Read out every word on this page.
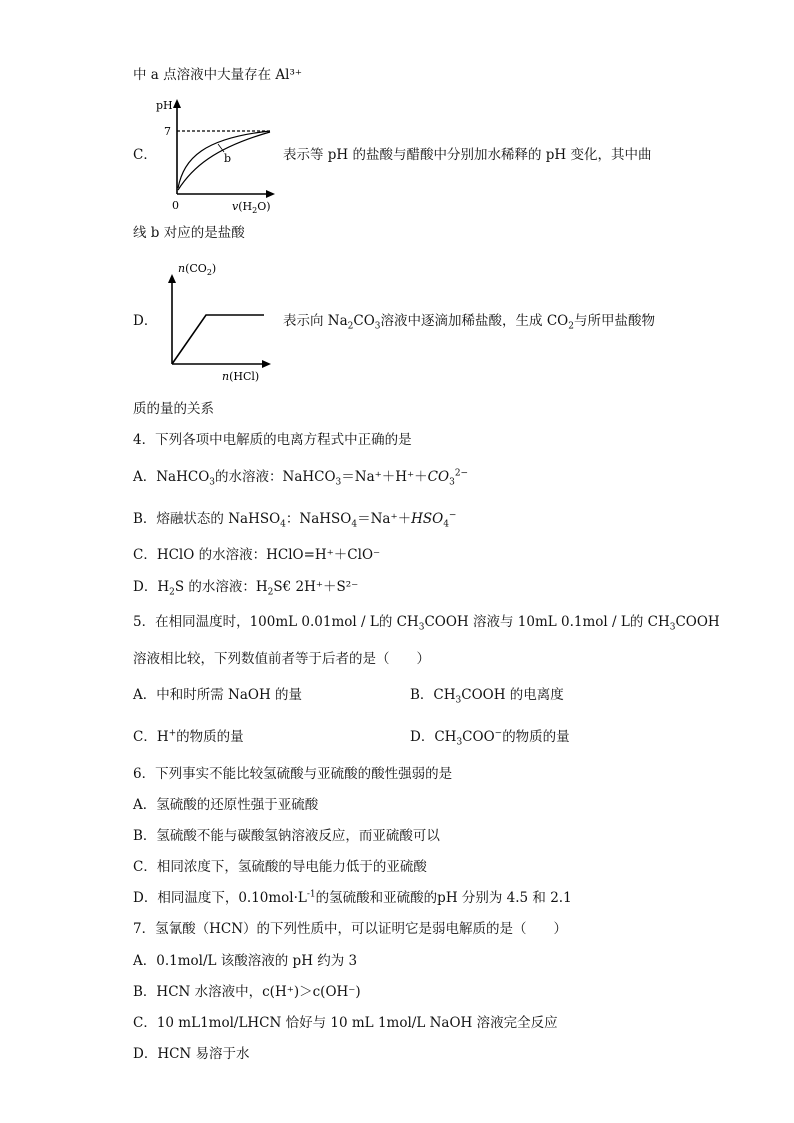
中 a 点溶液中大量存在 Al³⁺
pH
7
b
0	$v(H_2O)$
C．	表示等 pH 的盐酸与醋酸中分别加水稀释的 pH 变化，其中曲
线 b 对应的是盐酸
$n(CO_2)$
n(HCl)
D．	表示向 $Na_2CO_3$溶液中逐滴加稀盐酸，生成 $CO_2$与所甲盐酸物
质的量的关系
4．下列各项中电解质的电离方程式中正确的是
A．NaHCO$_3$的水溶液：$NaHCO_3=Na^++H^++CO_3^{2-}$
B．熔融状态的 NaHSO$_4$：$NaHSO_4=Na^++HSO_4^-$
C．HClO 的水溶液：HClO=H⁺＋ClO⁻
D．$H_2S$ 的水溶液：$H_2S€$ 2H⁺＋S²⁻
5．在相同温度时，100mL 0.01mol / L的 $CH_3COOH$ 溶液与 10mL 0.1mol / L的 $CH_3COOH$
溶液相比较，下列数值前者等于后者的是（　　）
A．中和时所需 NaOH 的量	B．$CH_3COOH$ 的电离度
C．H+的物质的量	D．$CH_3COO^-$的物质的量
6．下列事实不能比较氢硫酸与亚硫酸的酸性强弱的是
A．氢硫酸的还原性强于亚硫酸
B．氢硫酸不能与碳酸氢钠溶液反应，而亚硫酸可以
C．相同浓度下，氢硫酸的导电能力低于的亚硫酸
D．相同温度下，$0.10mol\cdot L^{-1}$的氢硫酸和亚硫酸的pH 分别为 4.5 和 2.1
7．氢氰酸（HCN）的下列性质中，可以证明它是弱电解质的是（　　）
A．0.1mol/L 该酸溶液的 pH 约为 3
B．HCN 水溶液中，c(H⁺)＞c(OH⁻)
C．10 mL1mol/LHCN 恰好与 10 mL 1mol/L NaOH 溶液完全反应
D．HCN 易溶于水
